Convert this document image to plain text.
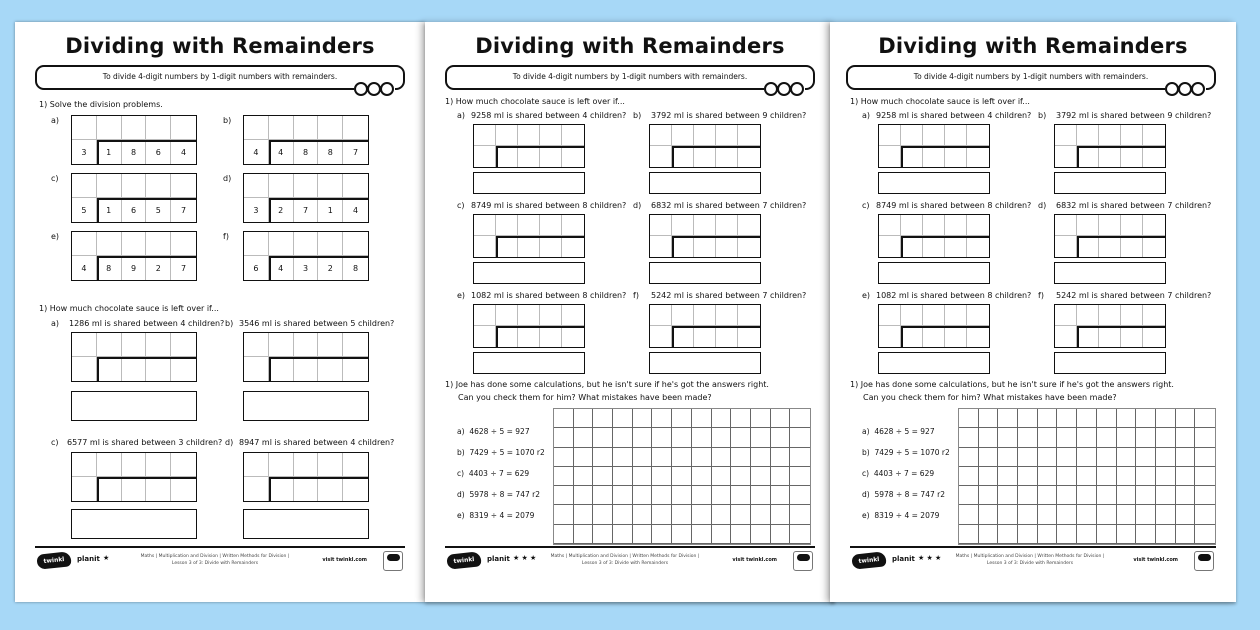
Dividing with Remainders
To divide 4-digit numbers by 1-digit numbers with remainders.
1) Solve the division problems.
a)
3	1	8	6	4
b)
4	4	8	8	7
c)
5	1	6	5	7
d)
3	2	7	1	4
e)
4	8	9	2	7
f)
6	4	3	2	8
1) How much chocolate sauce is left over if...
a) 1286 ml is shared between 4 children? b) 3546 ml is shared between 5 children?
c) 6577 ml is shared between 3 children? d) 8947 ml is shared between 4 children?
twinkl	planit ★	Maths | Multiplication and Division | Written Methods for Division | Lesson 3 of 3: Divide with Remainders
visit twinkl.com
Dividing with Remainders
To divide 4-digit numbers by 1-digit numbers with remainders.
1) How much chocolate sauce is left over if...
a) 9258 ml is shared between 4 children? b) 3792 ml is shared between 9 children?
c) 8749 ml is shared between 8 children? d) 6832 ml is shared between 7 children?
e) 1082 ml is shared between 8 children? f) 5242 ml is shared between 7 children?
1) Joe has done some calculations, but he isn't sure if he's got the answers right.
Can you check them for him? What mistakes have been made?
a) 4628 ÷ 5 = 927
b) 7429 ÷ 5 = 1070 r2
c) 4403 ÷ 7 = 629
d) 5978 ÷ 8 = 747 r2
e) 8319 ÷ 4 = 2079
twinkl	planit ★ ★ ★	Maths | Multiplication and Division | Written Methods for Division | Lesson 3 of 3: Divide with Remainders
visit twinkl.com
Dividing with Remainders
To divide 4-digit numbers by 1-digit numbers with remainders.
1) How much chocolate sauce is left over if...
a) 9258 ml is shared between 4 children? b) 3792 ml is shared between 9 children?
c) 8749 ml is shared between 8 children? d) 6832 ml is shared between 7 children?
e) 1082 ml is shared between 8 children? f) 5242 ml is shared between 7 children?
1) Joe has done some calculations, but he isn't sure if he's got the answers right.
Can you check them for him? What mistakes have been made?
a) 4628 ÷ 5 = 927
b) 7429 ÷ 5 = 1070 r2
c) 4403 ÷ 7 = 629
d) 5978 ÷ 8 = 747 r2
e) 8319 ÷ 4 = 2079
twinkl	planit ★ ★ ★	Maths | Multiplication and Division | Written Methods for Division | Lesson 3 of 3: Divide with Remainders
visit twinkl.com
